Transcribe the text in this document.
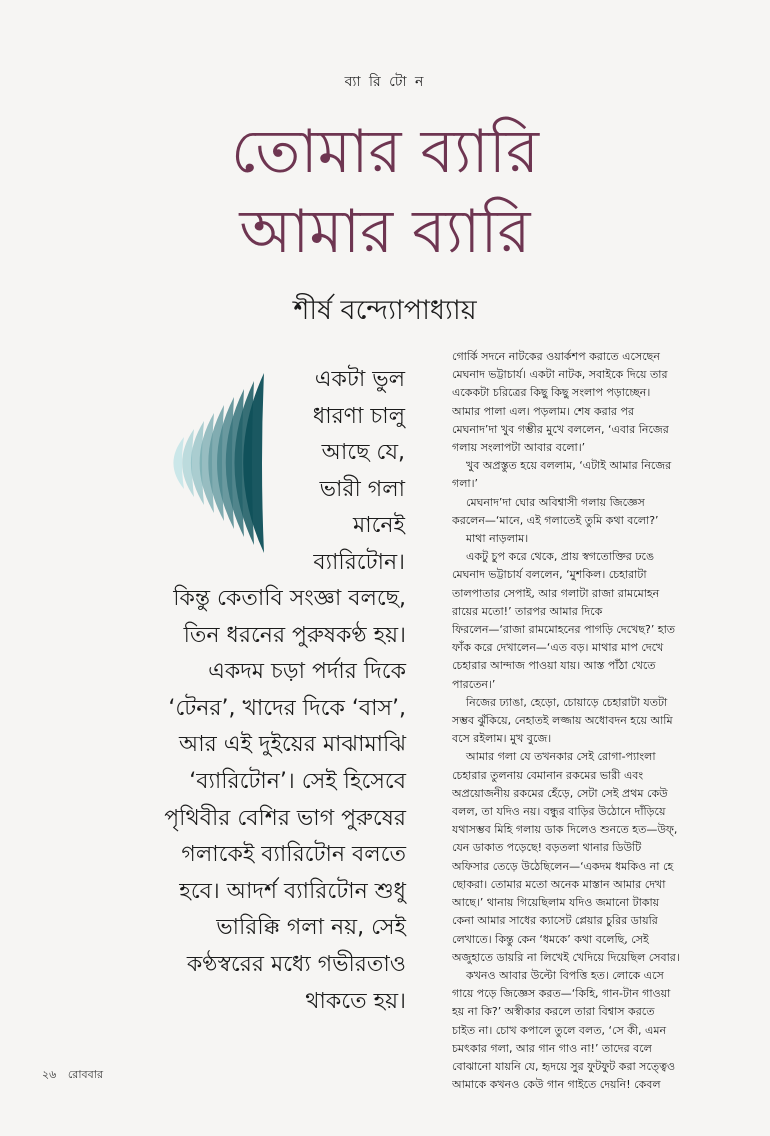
ব্যা রি টো ন
তোমার ব্যারি
আমার ব্যারি
শীর্ষ বন্দ্যোপাধ্যায়
একটা ভুল
ধারণা চালু
আছে যে,
ভারী গলা
মানেই
ব্যারিটোন।
কিন্তু কেতাবি সংজ্ঞা বলছে,
তিন ধরনের পুরুষকণ্ঠ হয়।
একদম চড়া পর্দার দিকে
‘টেনর’, খাদের দিকে ‘বাস’,
আর এই দুইয়ের মাঝামাঝি
‘ব্যারিটোন’। সেই হিসেবে
পৃথিবীর বেশির ভাগ পুরুষের
গলাকেই ব্যারিটোন বলতে
হবে। আদর্শ ব্যারিটোন শুধু
ভারিক্কি গলা নয়, সেই
কণ্ঠস্বরের মধ্যে গভীরতাও
থাকতে হয়।
গোর্কি সদনে নাটকের ওয়ার্কশপ করাতে এসেছেন
মেঘনাদ ভট্টাচার্য। একটা নাটক, সবাইকে দিয়ে তার
একেকটা চরিত্রের কিছু কিছু সংলাপ পড়াচ্ছেন।
আমার পালা এল। পড়লাম। শেষ করার পর
মেঘনাদ’দা খুব গম্ভীর মুখে বললেন, ‘এবার নিজের
গলায় সংলাপটা আবার বলো।’
খুব অপ্রস্তুত হয়ে বললাম, ‘এটাই আমার নিজের
গলা।’
মেঘনাদ’দা ঘোর অবিশ্বাসী গলায় জিজ্ঞেস
করলেন—‘মানে, এই গলাতেই তুমি কথা বলো?’
মাথা নাড়লাম।
একটু চুপ করে থেকে, প্রায় স্বগতোক্তির ঢঙে
মেঘনাদ ভট্টাচার্য বললেন, ‘মুশকিল। চেহারাটা
তালপাতার সেপাই, আর গলাটা রাজা রামমোহন
রায়ের মতো!’ তারপর আমার দিকে
ফিরলেন—‘রাজা রামমোহনের পাগড়ি দেখেছ?’ হাত
ফাঁক করে দেখালেন—‘এত বড়। মাথার মাপ দেখে
চেহারার আন্দাজ পাওয়া যায়। আস্ত পাঁঠা খেতে
পারতেন।’
নিজের ঢ্যাঙা, হেড়ো, চোয়াড়ে চেহারাটা যতটা
সম্ভব ঝুঁকিয়ে, নেহাতই লজ্জায় অধোবদন হয়ে আমি
বসে রইলাম। মুখ বুজে।
আমার গলা যে তখনকার সেই রোগা-প্যাংলা
চেহারার তুলনায় বেমানান রকমের ভারী এবং
অপ্রয়োজনীয় রকমের হেঁড়ে, সেটা সেই প্রথম কেউ
বলল, তা যদিও নয়। বন্ধুর বাড়ির উঠোনে দাঁড়িয়ে
যথাসম্ভব মিহি গলায় ডাক দিলেও শুনতে হত—উফ্‌,
যেন ডাকাত পড়েছে! বড়তলা থানার ডিউটি
অফিসার তেড়ে উঠেছিলেন—‘একদম ধমকিও না হে
ছোকরা। তোমার মতো অনেক মাস্তান আমার দেখা
আছে।’ থানায় গিয়েছিলাম যদিও জমানো টাকায়
কেনা আমার সাধের ক্যাসেট প্লেয়ার চুরির ডায়রি
লেখাতে। কিন্তু কেন ‘ধমকে’ কথা বলেছি, সেই
অজুহাতে ডায়রি না লিখেই খেদিয়ে দিয়েছিল সেবার।
কখনও আবার উল্টো বিপত্তি হত। লোকে এসে
গায়ে পড়ে জিজ্ঞেস করত—‘কিহি, গান-টান গাওয়া
হয় না কি?’ অস্বীকার করলে তারা বিশ্বাস করতে
চাইত না। চোখ কপালে তুলে বলত, ‘সে কী, এমন
চমৎকার গলা, আর গান গাও না!’ তাদের বলে
বোঝানো যায়নি যে, হৃদয়ে সুর ফুটফুট করা সত্ত্বেও
আমাকে কখনও কেউ গান গাইতে দেয়নি! কেবল
২৬ রোববার
